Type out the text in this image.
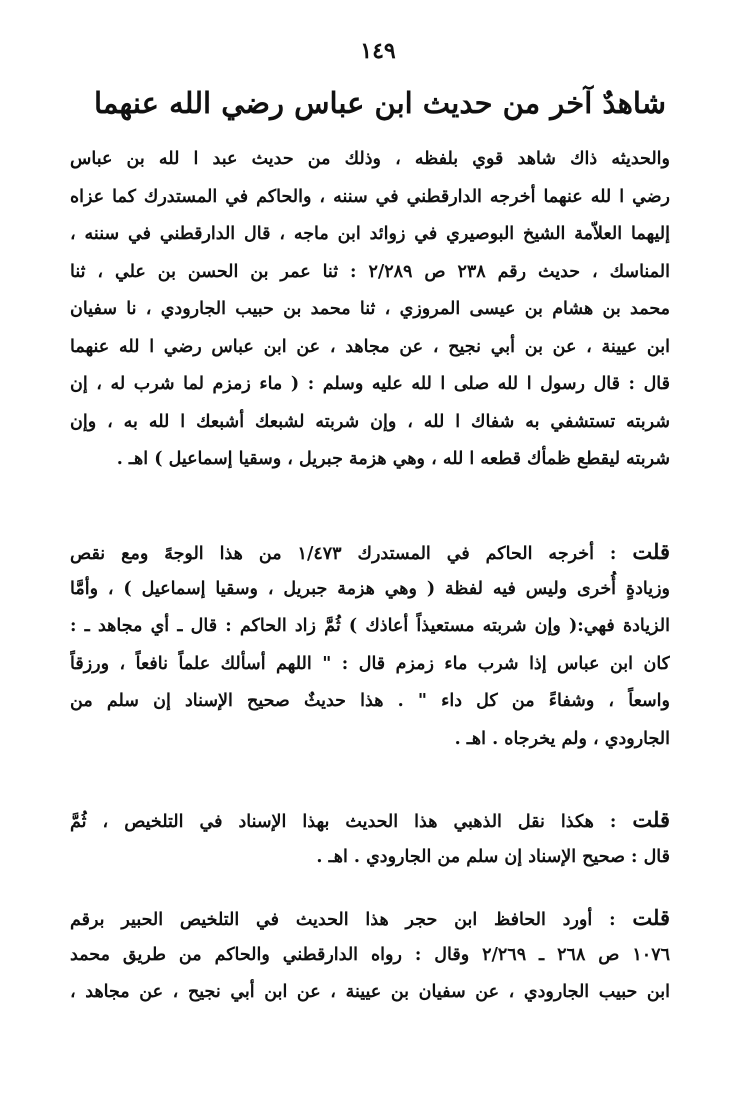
١٤٩
شاهدٌ آخر من حديث ابن عباس رضي الله عنهما
والحديثه ذاك شاهد قوي بلفظه ، وذلك من حديث عبد ا لله بن عباس
رضي ا لله عنهما أخرجه الدارقطني في سننه ، والحاكم في المستدرك كما عزاه
إليهما العلاّمة الشيخ البوصيري في زوائد ابن ماجه ، قال الدارقطني في سننه ،
المناسك ، حديث رقم ٢٣٨ ص ٢/٢٨٩ : ثنا عمر بن الحسن بن علي ، ثنا
محمد بن هشام بن عيسى المروزي ، ثنا محمد بن حبيب الجارودي ، نا سفيان
ابن عيينة ، عن بن أبي نجيح ، عن مجاهد ، عن ابن عباس رضي ا لله عنهما
قال : قال رسول ا لله صلى ا لله عليه وسلم : ( ماء زمزم لما شرب له ، إن
شربته تستشفي به شفاك ا لله ، وإن شربته لشبعك أشبعك ا لله به ، وإن
شربته ليقطع ظمأك قطعه ا لله ، وهي هزمة جبريل ، وسقيا إسماعيل ) اهـ .
قلت : أخرجه الحاكم في المستدرك ١/٤٧٣ من هذا الوجهً ومع نقص
وزيادةٍ أُخرى وليس فيه لفظة ( وهي هزمة جبريل ، وسقيا إسماعيل ) ، وأمَّا
الزيادة فهي:( وإن شربته مستعيذاً أعاذك ) ثُمَّ زاد الحاكم : قال ـ أي مجاهد ـ :
كان ابن عباس إذا شرب ماء زمزم قال : " اللهم أسألك علماً نافعاً ، ورزقاً
واسعاً ، وشفاءً من كل داء " . هذا حديثٌ صحيح الإسناد إن سلم من
الجارودي ، ولم يخرجاه . اهـ .
قلت : هكذا نقل الذهبي هذا الحديث بهذا الإسناد في التلخيص ، ثُمَّ
قال : صحيح الإسناد إن سلم من الجارودي . اهـ .
قلت : أورد الحافظ ابن حجر هذا الحديث في التلخيص الحبير برقم
١٠٧٦ ص ٢٦٨ ـ ٢/٢٦٩ وقال : رواه الدارقطني والحاكم من طريق محمد
ابن حبيب الجارودي ، عن سفيان بن عيينة ، عن ابن أبي نجيح ، عن مجاهد ،
